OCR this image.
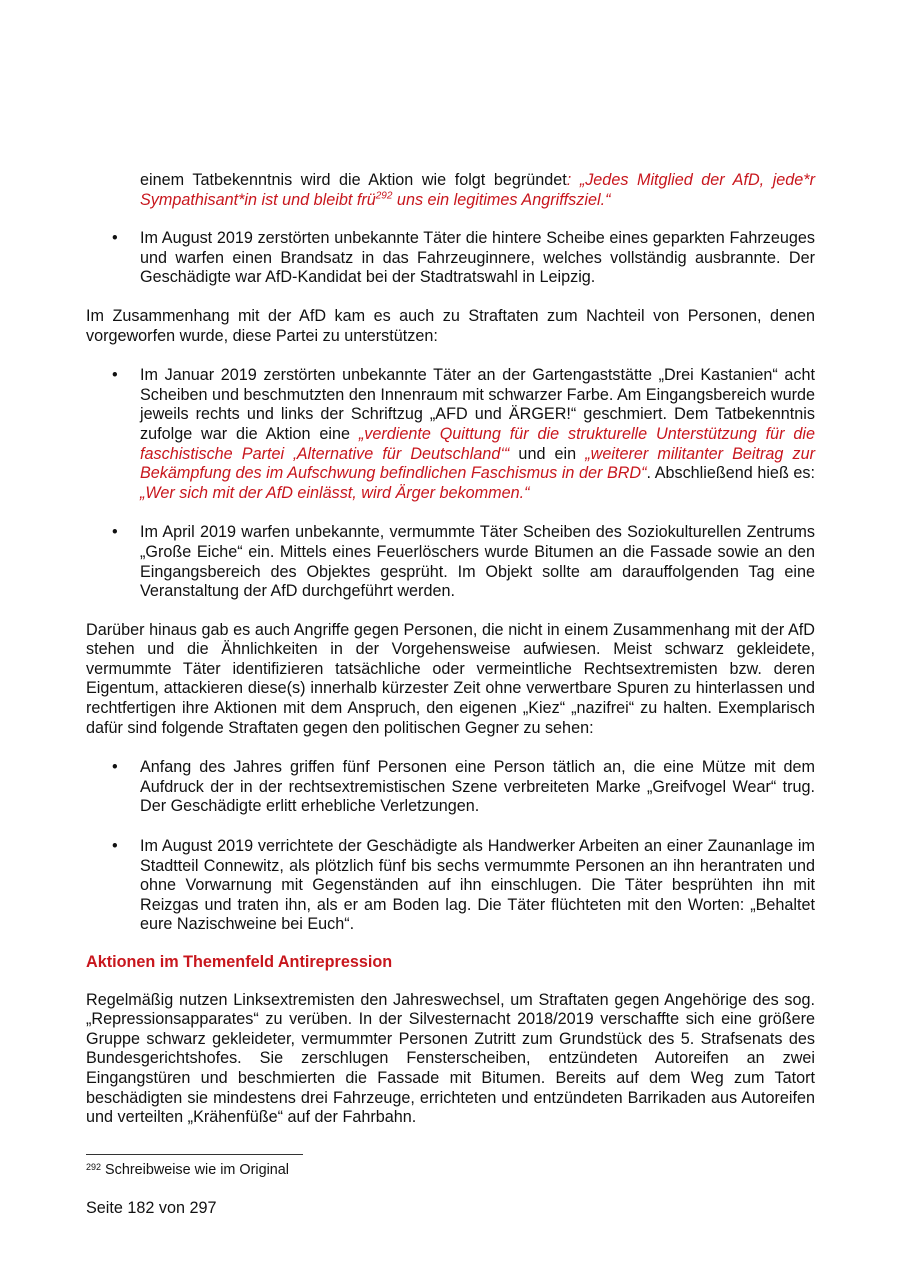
einem Tatbekenntnis wird die Aktion wie folgt begründet: „Jedes Mitglied der AfD, jede*r Sympathisant*in ist und bleibt frü$^{292}$ uns ein legitimes Angriffsziel.“

• Im August 2019 zerstörten unbekannte Täter die hintere Scheibe eines geparkten Fahrzeuges und warfen einen Brandsatz in das Fahrzeuginnere, welches vollständig ausbrannte. Der Geschädigte war AfD-Kandidat bei der Stadtratswahl in Leipzig.

Im Zusammenhang mit der AfD kam es auch zu Straftaten zum Nachteil von Personen, denen vorgeworfen wurde, diese Partei zu unterstützen:

• Im Januar 2019 zerstörten unbekannte Täter an der Gartengaststätte „Drei Kastanien“ acht Scheiben und beschmutzten den Innenraum mit schwarzer Farbe. Am Eingangsbereich wurde jeweils rechts und links der Schriftzug „AFD und ÄRGER!“ geschmiert. Dem Tatbekenntnis zufolge war die Aktion eine „verdiente Quittung für die strukturelle Unterstützung für die faschistische Partei ‚Alternative für Deutschland‘“ und ein „weiterer militanter Beitrag zur Bekämpfung des im Aufschwung befindlichen Faschismus in der BRD“. Abschließend hieß es: „Wer sich mit der AfD einlässt, wird Ärger bekommen.“
• Im April 2019 warfen unbekannte, vermummte Täter Scheiben des Soziokulturellen Zentrums „Große Eiche“ ein. Mittels eines Feuerlöschers wurde Bitumen an die Fassade sowie an den Eingangsbereich des Objektes gesprüht. Im Objekt sollte am darauffolgenden Tag eine Veranstaltung der AfD durchgeführt werden.

Darüber hinaus gab es auch Angriffe gegen Personen, die nicht in einem Zusammenhang mit der AfD stehen und die Ähnlichkeiten in der Vorgehensweise aufwiesen. Meist schwarz gekleidete, vermummte Täter identifizieren tatsächliche oder vermeintliche Rechtsextremisten bzw. deren Eigentum, attackieren diese(s) innerhalb kürzester Zeit ohne verwertbare Spuren zu hinterlassen und rechtfertigen ihre Aktionen mit dem Anspruch, den eigenen „Kiez“ „nazifrei“ zu halten. Exemplarisch dafür sind folgende Straftaten gegen den politischen Gegner zu sehen:

• Anfang des Jahres griffen fünf Personen eine Person tätlich an, die eine Mütze mit dem Aufdruck der in der rechtsextremistischen Szene verbreiteten Marke „Greifvogel Wear“ trug. Der Geschädigte erlitt erhebliche Verletzungen.
• Im August 2019 verrichtete der Geschädigte als Handwerker Arbeiten an einer Zaunanlage im Stadtteil Connewitz, als plötzlich fünf bis sechs vermummte Personen an ihn herantraten und ohne Vorwarnung mit Gegenständen auf ihn einschlugen. Die Täter besprühten ihn mit Reizgas und traten ihn, als er am Boden lag. Die Täter flüchteten mit den Worten: „Behaltet eure Nazischweine bei Euch“.
Aktionen im Themenfeld Antirepression

Regelmäßig nutzen Linksextremisten den Jahreswechsel, um Straftaten gegen Angehörige des sog. „Repressionsapparates“ zu verüben. In der Silvesternacht 2018/2019 verschaffte sich eine größere Gruppe schwarz gekleideter, vermummter Personen Zutritt zum Grundstück des 5. Strafsenats des Bundesgerichtshofes. Sie zerschlugen Fensterscheiben, entzündeten Autoreifen an zwei Eingangstüren und beschmierten die Fassade mit Bitumen. Bereits auf dem Weg zum Tatort beschädigten sie mindestens drei Fahrzeuge, errichteten und entzündeten Barrikaden aus Autoreifen und verteilten „Krähenfüße“ auf der Fahrbahn.

$^{292}$ Schreibweise wie im Original
Seite 182 von 297
